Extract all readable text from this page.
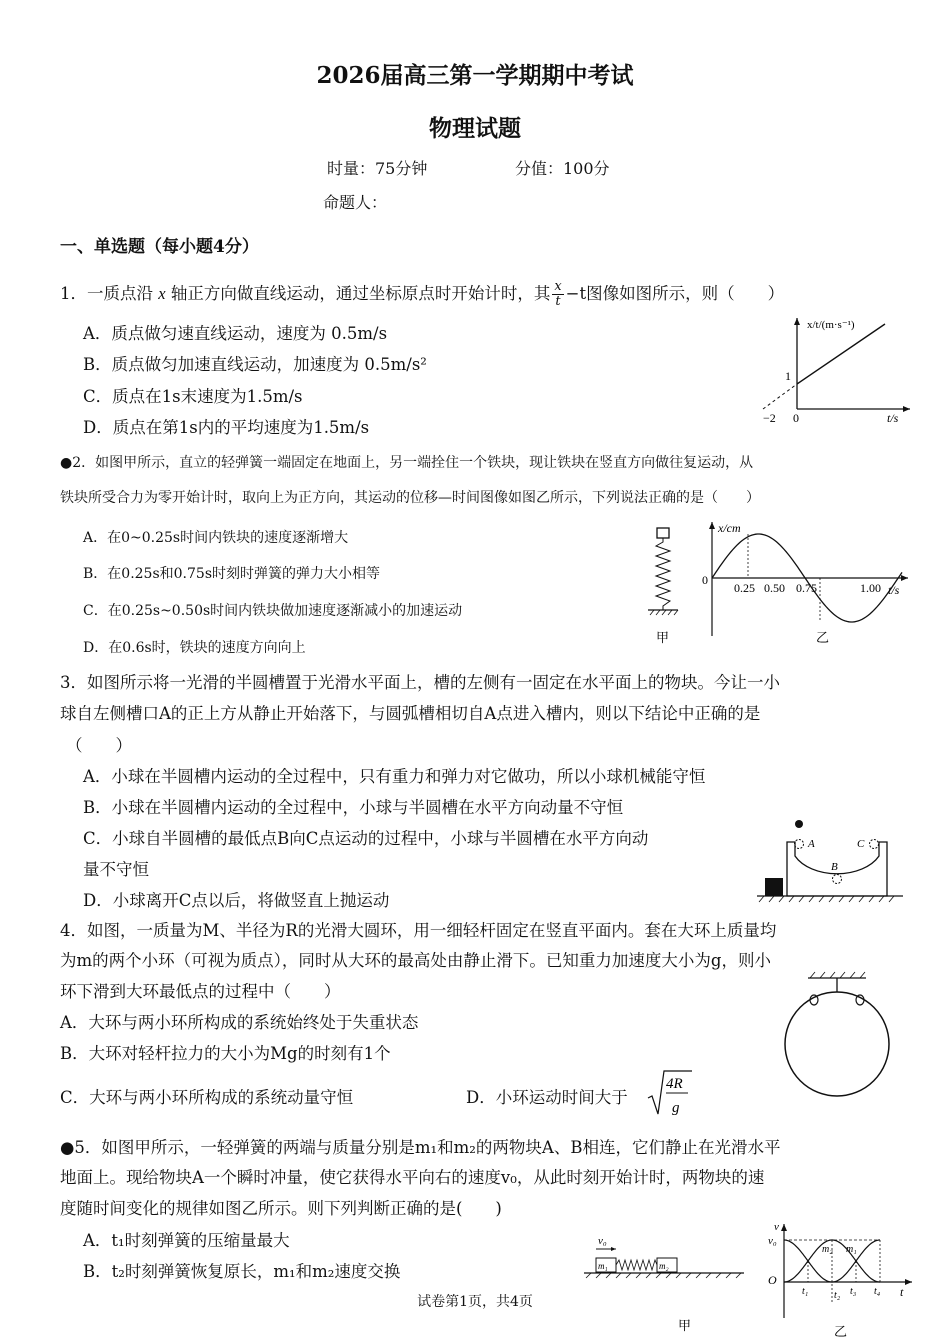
2026届高三第一学期期中考试
物理试题
时量：75分钟	分值：100分
命题人：
一、单选题（每小题4分）
1．一质点沿 x 轴正方向做直线运动，通过坐标原点时开始计时，其 $\frac{x}{t} -t$图像如图所示，则（　　）
A．质点做匀速直线运动，速度为 0.5m/s
B．质点做匀加速直线运动，加速度为 0.5m/s²
C．质点在1s末速度为1.5m/s
D．质点在第1s内的平均速度为1.5m/s
x/t/(m·s⁻¹)
1
−2 0	t/s
●2．如图甲所示，直立的轻弹簧一端固定在地面上，另一端拴住一个铁块，现让铁块在竖直方向做往复运动，从
铁块所受合力为零开始计时，取向上为正方向，其运动的位移—时间图像如图乙所示，下列说法正确的是（　　）
A．在0~0.25s时间内铁块的速度逐渐增大
B．在0.25s和0.75s时刻时弹簧的弹力大小相等
C．在0.25s~0.50s时间内铁块做加速度逐渐减小的加速运动
D．在0.6s时，铁块的速度方向向上
甲
x/cm
0
0.25 0.50 0.75	1.00 t/s
乙
3．如图所示将一光滑的半圆槽置于光滑水平面上，槽的左侧有一固定在水平面上的物块。今让一小
球自左侧槽口A的正上方从静止开始落下，与圆弧槽相切自A点进入槽内，则以下结论中正确的是
（　　）
A．小球在半圆槽内运动的全过程中，只有重力和弹力对它做功，所以小球机械能守恒
B．小球在半圆槽内运动的全过程中，小球与半圆槽在水平方向动量不守恒
C．小球自半圆槽的最低点B向C点运动的过程中，小球与半圆槽在水平方向动
量不守恒
D．小球离开C点以后，将做竖直上抛运动
A
B
C
4．如图，一质量为M、半径为R的光滑大圆环，用一细轻杆固定在竖直平面内。套在大环上质量均
为m的两个小环（可视为质点），同时从大环的最高处由静止滑下。已知重力加速度大小为g，则小
环下滑到大环最低点的过程中（　　）
A．大环与两小环所构成的系统始终处于失重状态
B．大环对轻杆拉力的大小为Mg的时刻有1个
C．大环与两小环所构成的系统动量守恒	D．小环运动时间大于
4R
g
●5．如图甲所示，一轻弹簧的两端与质量分别是m₁和m₂的两物块A、B相连，它们静止在光滑水平
地面上。现给物块A一个瞬时冲量，使它获得水平向右的速度v₀，从此时刻开始计时，两物块的速
度随时间变化的规律如图乙所示。则下列判断正确的是(　　)
A．t₁时刻弹簧的压缩量最大
B．t₂时刻弹簧恢复原长，m₁和m₂速度交换
v₀
m₁	m₂
甲
v
v₀
O
t
m₂ m₁
t₁	t₂ t₃ t₄
乙
试卷第1页，共4页
